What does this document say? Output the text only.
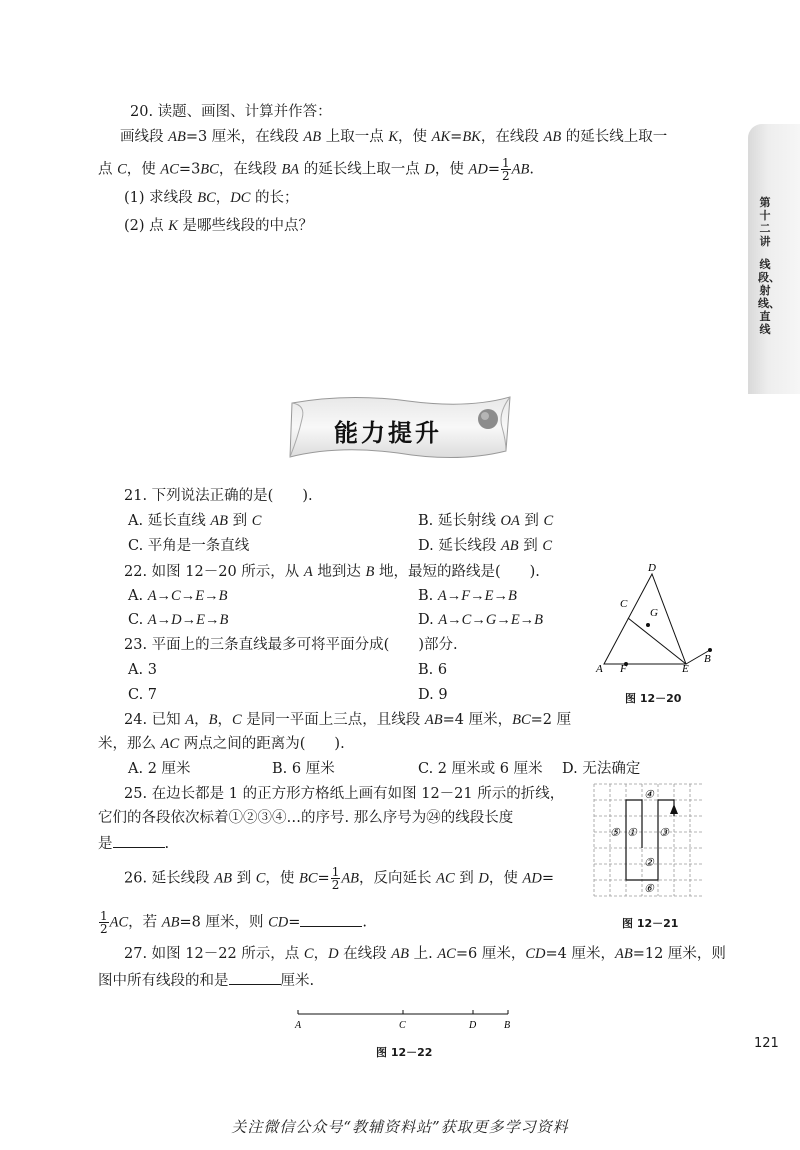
第十二讲
线段、射线、直线
20. 读题、画图、计算并作答：
画线段 AB=3 厘米，在线段 AB 上取一点 K，使 AK=BK，在线段 AB 的延长线上取一
点 C，使 AC=3BC，在线段 BA 的延长线上取一点 D，使 $AD= \frac{1}{2}$ AB.
(1) 求线段 BC，DC 的长；
(2) 点 K 是哪些线段的中点？
能力提升
21. 下列说法正确的是(　　).
A. 延长直线 AB 到 C	B. 延长射线 OA 到 C
C. 平角是一条直线	D. 延长线段 AB 到 C
22. 如图 12－20 所示，从 A 地到达 B 地，最短的路线是(　　).
A. A→C→E→B	B. A→F→E→B
C. A→D→E→B	D. A→C→G→E→B
23. 平面上的三条直线最多可将平面分成(　　)部分.
A. 3	B. 6
C. 7	D. 9
24. 已知 A，B，C 是同一平面上三点，且线段 AB=4 厘米，BC=2 厘
米，那么 AC 两点之间的距离为(　　).
A. 2 厘米	B. 6 厘米	C. 2 厘米或 6 厘米 D. 无法确定
25. 在边长都是 1 的正方形方格纸上画有如图 12－21 所示的折线，
它们的各段依次标着①②③④…的序号. 那么序号为㉔的线段长度
是	.
26. 延长线段 AB 到 C，使 $BC= \frac{1}{2}$ AB，反向延长 AC 到 D，使 AD=
$\frac{1}{2}$ AC，若 AB=8 厘米，则 CD=	.
27. 如图 12－22 所示，点 C，D 在线段 AB 上. AC=6 厘米，CD=4 厘米，AB=12 厘米，则
图中所有线段的和是	厘米.
D
C
G
A F	E
B
图 12－20
④
⑤ ① ③
②
⑥
图 12－21
A	C	D	B
图 12－22
121
关注微信公众号“教辅资料站”获取更多学习资料
